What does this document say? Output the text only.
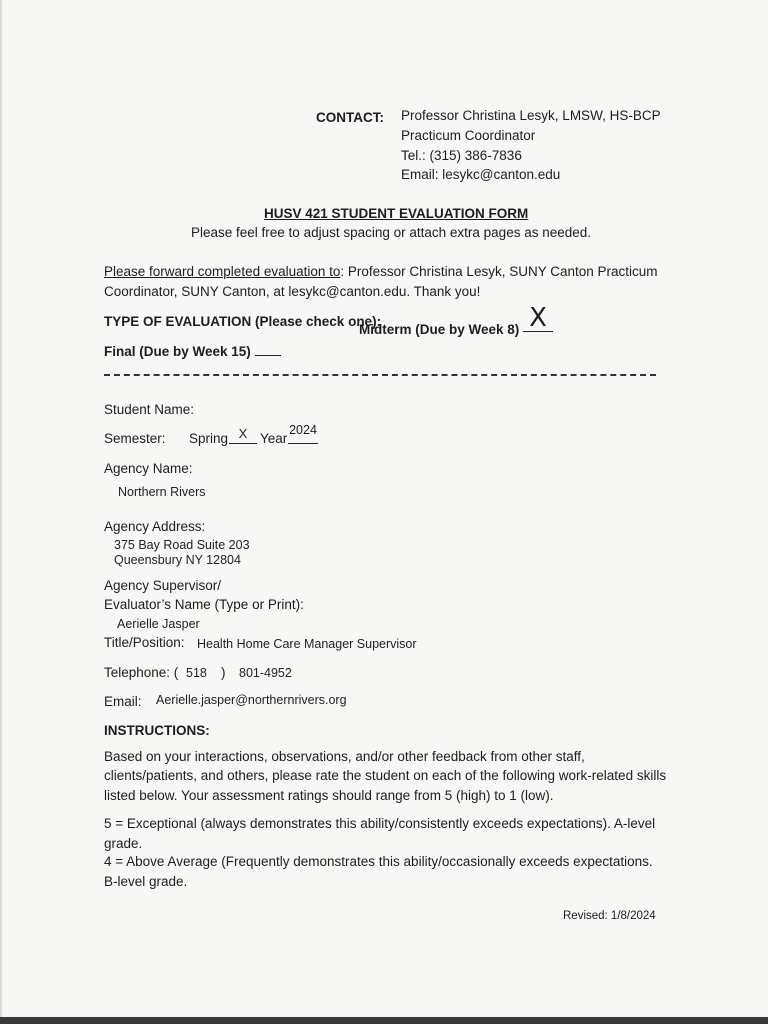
CONTACT: Professor Christina Lesyk, LMSW, HS-BCP
Practicum Coordinator
Tel.: (315) 386-7836
Email: lesykc@canton.edu
HUSV 421 STUDENT EVALUATION FORM
Please feel free to adjust spacing or attach extra pages as needed.
Please forward completed evaluation to: Professor Christina Lesyk, SUNY Canton Practicum
Coordinator, SUNY Canton, at lesykc@canton.edu. Thank you!
TYPE OF EVALUATION (Please check one):
Midterm (Due by Week 8) X
Final (Due by Week 15)
Student Name:
Semester: Spring X Year
2024
Agency Name:
Northern Rivers
Agency Address:
375 Bay Road Suite 203
Queensbury NY 12804
Agency Supervisor/
Evaluator’s Name (Type or Print):
Aerielle Jasper
Title/Position: Health Home Care Manager Supervisor
Telephone: ( 518 ) 801-4952
Email: Aerielle.jasper@northernrivers.org
INSTRUCTIONS:
Based on your interactions, observations, and/or other feedback from other staff,
clients/patients, and others, please rate the student on each of the following work-related skills
listed below. Your assessment ratings should range from 5 (high) to 1 (low).
5 = Exceptional (always demonstrates this ability/consistently exceeds expectations). A-level
grade.
4 = Above Average (Frequently demonstrates this ability/occasionally exceeds expectations.
B-level grade.
Revised: 1/8/2024
